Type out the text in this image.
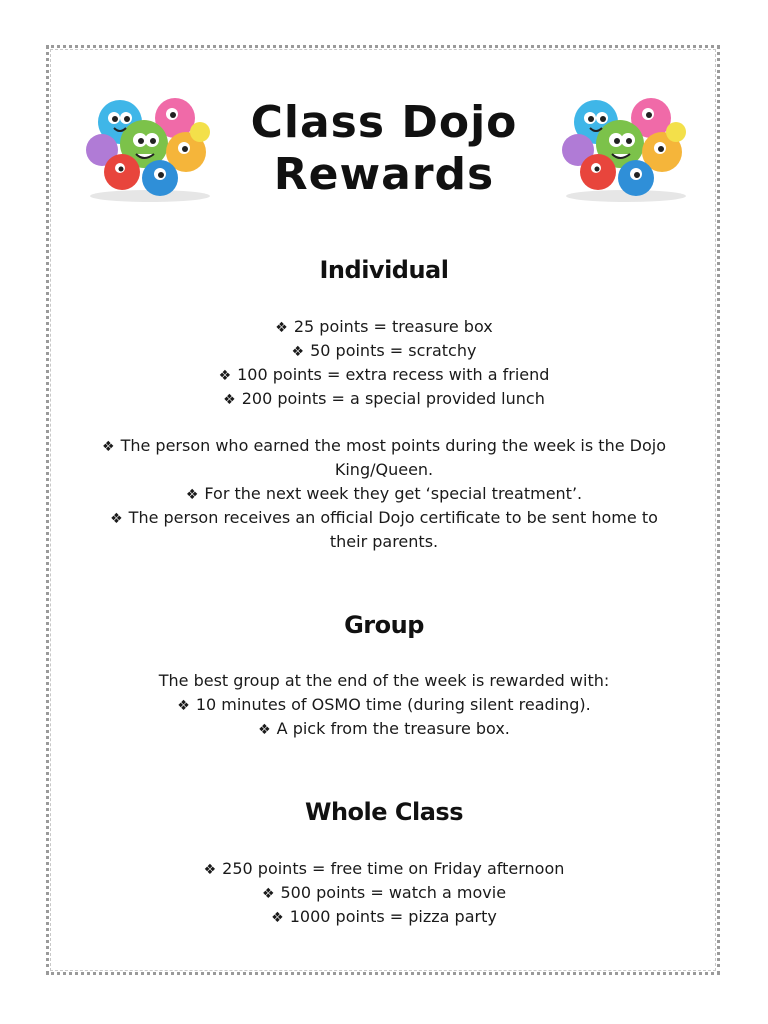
Class Dojo
Rewards
Individual
❖ 25 points = treasure box
❖ 50 points = scratchy
❖ 100 points = extra recess with a friend
❖ 200 points = a special provided lunch
❖ The person who earned the most points during the week is the Dojo
King/Queen.
❖ For the next week they get ‘special treatment’.
❖ The person receives an official Dojo certificate to be sent home to
their parents.
Group
The best group at the end of the week is rewarded with:
❖ 10 minutes of OSMO time (during silent reading).
❖ A pick from the treasure box.
Whole Class
❖ 250 points = free time on Friday afternoon
❖ 500 points = watch a movie
❖ 1000 points = pizza party
